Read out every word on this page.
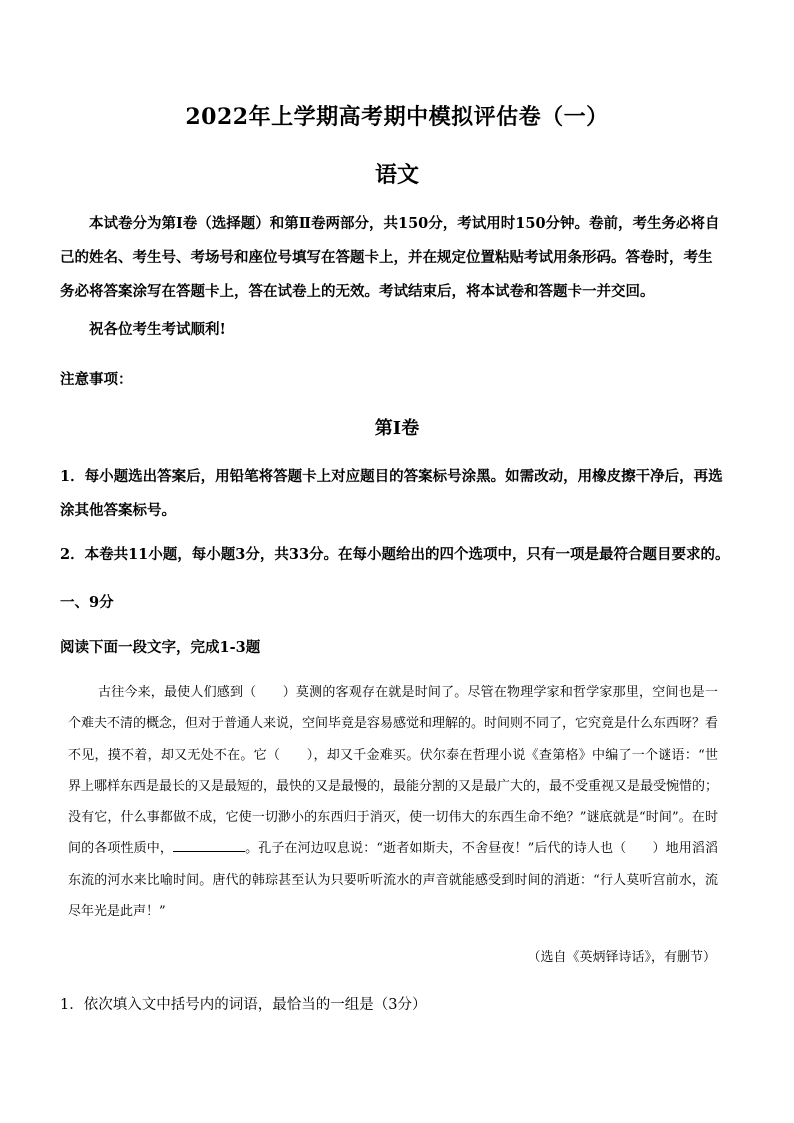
2022年上学期高考期中模拟评估卷（一）
语文

本试卷分为第Ⅰ卷（选择题）和第Ⅱ卷两部分，共150分，考试用时150分钟。卷前，考生务必将自己的姓名、考生号、考场号和座位号填写在答题卡上，并在规定位置粘贴考试用条形码。答卷时，考生务必将答案涂写在答题卡上，答在试卷上的无效。考试结束后，将本试卷和答题卡一并交回。

祝各位考生考试顺利!
注意事项：
第Ⅰ卷

1．每小题选出答案后，用铅笔将答题卡上对应题目的答案标号涂黑。如需改动，用橡皮擦干净后，再选涂其他答案标号。

2．本卷共11小题，每小题3分，共33分。在每小题给出的四个选项中，只有一项是最符合题目要求的。

一、9分
阅读下面一段文字，完成1-3题

古往今来，最使人们感到（　　）莫测的客观存在就是时间了。尽管在物理学家和哲学家那里，空间也是一个难夫不清的概念，但对于普通人来说，空间毕竟是容易感觉和理解的。时间则不同了，它究竟是什么东西呀？看不见，摸不着，却又无处不在。它（　　），却又千金难买。伏尔泰在哲理小说《查第格》中编了一个谜语：“世界上哪样东西是最长的又是最短的，最快的又是最慢的，最能分割的又是最广大的，最不受重视又是最受惋惜的；没有它，什么事都做不成，它使一切渺小的东西归于消灭，使一切伟大的东西生命不绝？”谜底就是“时间”。在时间的各项性质中，	。孔子在河边叹息说：“逝者如斯夫，不舍昼夜！”后代的诗人也（　　）地用滔滔东流的河水来比喻时间。唐代的韩琮甚至认为只要听听流水的声音就能感受到时间的消逝：“行人莫听宫前水，流尽年光是此声！”

（选自《英炳铎诗话》，有删节）
1．依次填入文中括号内的词语，最恰当的一组是（3分）
